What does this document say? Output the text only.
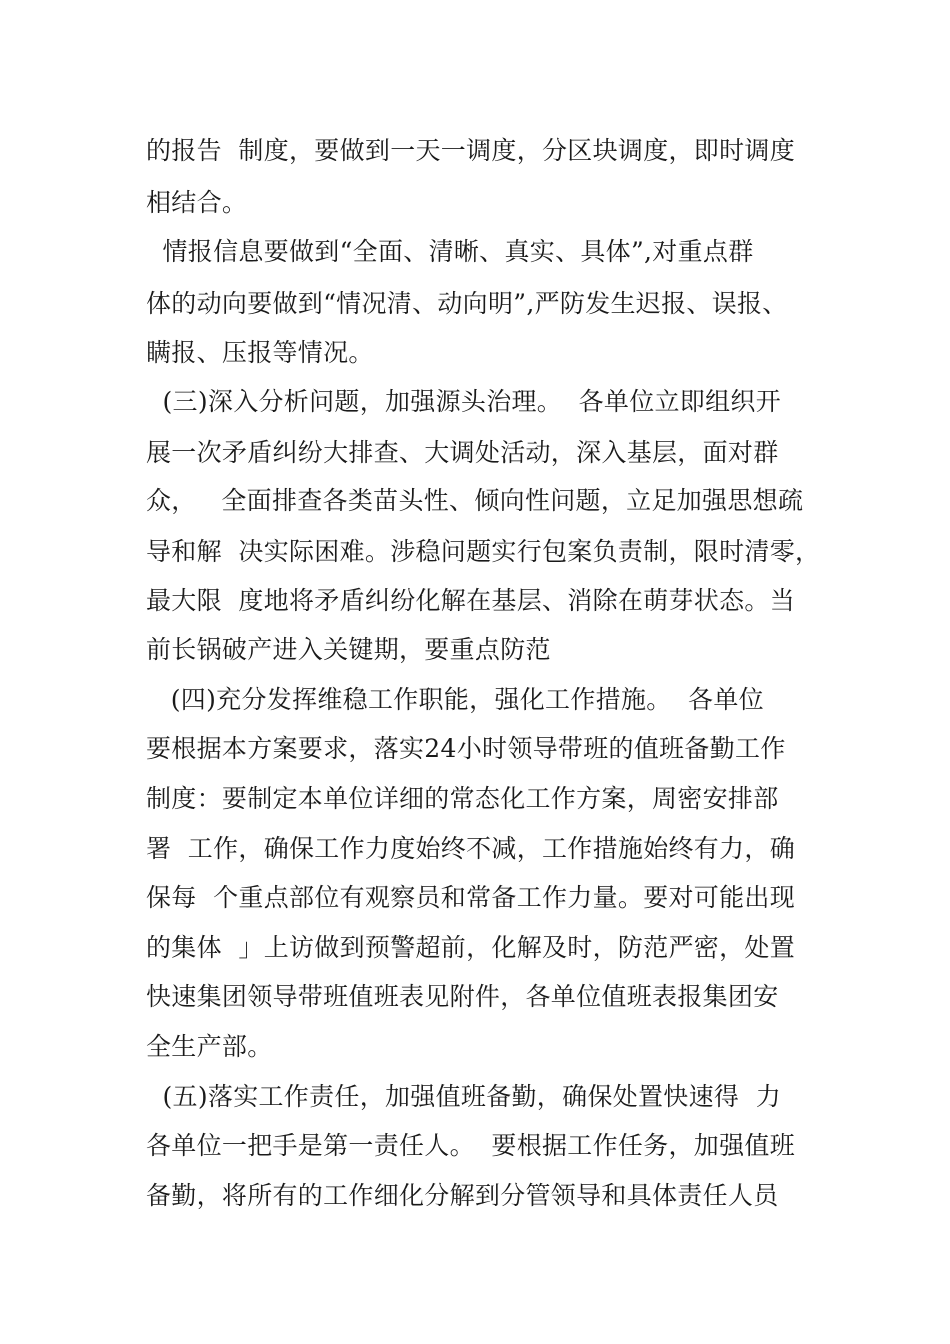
的报告  制度，要做到一天一调度，分区块调度，即时调度
相结合。
情报信息要做到“全面、清晰、真实、具体”,对重点群
体的动向要做到“情况清、动向明”,严防发生迟报、误报、
瞒报、压报等情况。
(三)深入分析问题，加强源头治理。  各单位立即组织开
展一次矛盾纠纷大排查、大调处活动，深入基层，面对群
众，   全面排查各类苗头性、倾向性问题，立足加强思想疏
导和解  决实际困难。涉稳问题实行包案负责制，限时清零，
最大限  度地将矛盾纠纷化解在基层、消除在萌芽状态。当
前长锅破产进入关键期，要重点防范
(四)充分发挥维稳工作职能，强化工作措施。  各单位
要根据本方案要求，落实24小时领导带班的值班备勤工作
制度：要制定本单位详细的常态化工作方案，周密安排部
署  工作，确保工作力度始终不减，工作措施始终有力，确
保每  个重点部位有观察员和常备工作力量。要对可能出现
的集体  」上访做到预警超前，化解及时，防范严密，处置
快速集团领导带班值班表见附件，各单位值班表报集团安
全生产部。
(五)落实工作责任，加强值班备勤，确保处置快速得  力
各单位一把手是第一责任人。  要根据工作任务，加强值班
备勤，将所有的工作细化分解到分管领导和具体责任人员
